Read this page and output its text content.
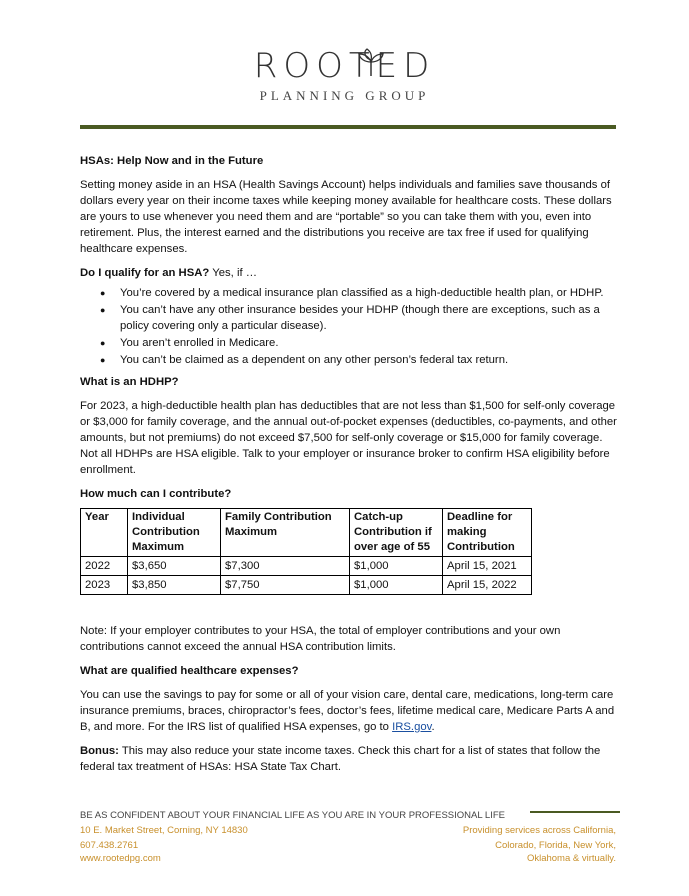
ROOTED
PLANNING GROUP

HSAs: Help Now and in the Future

Setting money aside in an HSA (Health Savings Account) helps individuals and families save thousands of dollars every year on their income taxes while keeping money available for healthcare costs. These dollars are yours to use whenever you need them and are “portable” so you can take them with you, even into retirement. Plus, the interest earned and the distributions you receive are tax free if used for qualifying healthcare expenses.

Do I qualify for an HSA? Yes, if …

● You’re covered by a medical insurance plan classified as a high-deductible health plan, or HDHP.
● You can’t have any other insurance besides your HDHP (though there are exceptions, such as a policy covering only a particular disease).
● You aren’t enrolled in Medicare.
● You can’t be claimed as a dependent on any other person’s federal tax return.

What is an HDHP?

For 2023, a high-deductible health plan has deductibles that are not less than $1,500 for self-only coverage or $3,000 for family coverage, and the annual out-of-pocket expenses (deductibles, co-payments, and other amounts, but not premiums) do not exceed $7,500 for self-only coverage or $15,000 for family coverage. Not all HDHPs are HSA eligible. Talk to your employer or insurance broker to confirm HSA eligibility before enrollment.

How much can I contribute?

Year	Individual Contribution Maximum	Family Contribution Maximum	Catch-up Contribution if over age of 55	Deadline for making Contribution
2022	$3,650	$7,300	$1,000	April 15, 2021
2023	$3,850	$7,750	$1,000	April 15, 2022

Note: If your employer contributes to your HSA, the total of employer contributions and your own contributions cannot exceed the annual HSA contribution limits.

What are qualified healthcare expenses?

You can use the savings to pay for some or all of your vision care, dental care, medications, long-term care insurance premiums, braces, chiropractor’s fees, doctor’s fees, lifetime medical care, Medicare Parts A and B, and more. For the IRS list of qualified HSA expenses, go to IRS.gov.

Bonus: This may also reduce your state income taxes. Check this chart for a list of states that follow the federal tax treatment of HSAs: HSA State Tax Chart.

BE AS CONFIDENT ABOUT YOUR FINANCIAL LIFE AS YOU ARE IN YOUR PROFESSIONAL LIFE
10 E. Market Street, Corning, NY 14830
607.438.2761
www.rootedpg.com
Providing services across California,
Colorado, Florida, New York,
Oklahoma & virtually.
